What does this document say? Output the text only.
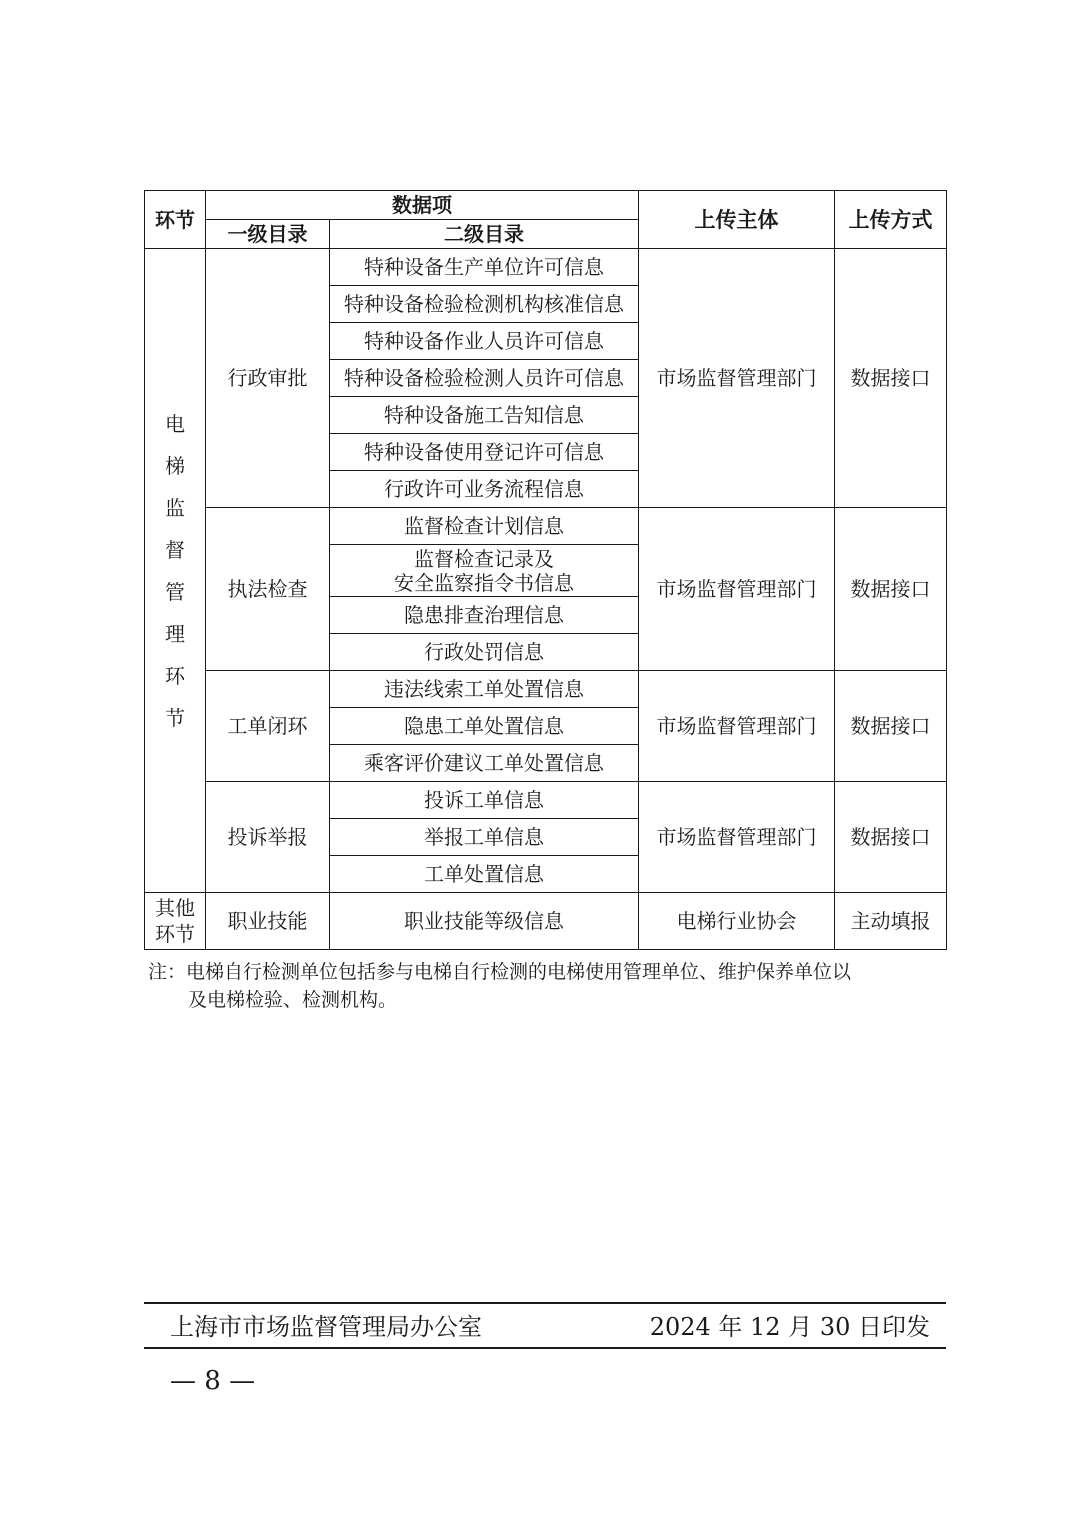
环节	数据项		上传主体	上传方式
	一级目录	二级目录		
电梯监督管理环节	行政审批	特种设备生产单位许可信息	市场监督管理部门	数据接口
		特种设备检验检测机构核准信息		
		特种设备作业人员许可信息		
		特种设备检验检测人员许可信息		
		特种设备施工告知信息		
		特种设备使用登记许可信息		
		行政许可业务流程信息		
	执法检查	监督检查计划信息	市场监督管理部门	数据接口

		监督检查记录及
安全监察指令书信息		

		隐患排查治理信息		
		行政处罚信息		
	工单闭环	违法线索工单处置信息	市场监督管理部门	数据接口
		隐患工单处置信息		
		乘客评价建议工单处置信息		
	投诉举报	投诉工单信息	市场监督管理部门	数据接口
		举报工单信息		
		工单处置信息		
其他环节	职业技能	职业技能等级信息	电梯行业协会	主动填报
注：电梯自行检测单位包括参与电梯自行检测的电梯使用管理单位、维护保养单位以
及电梯检验、检测机构。
上海市市场监督管理局办公室	2024 年 12 月 30 日印发
— 8 —
